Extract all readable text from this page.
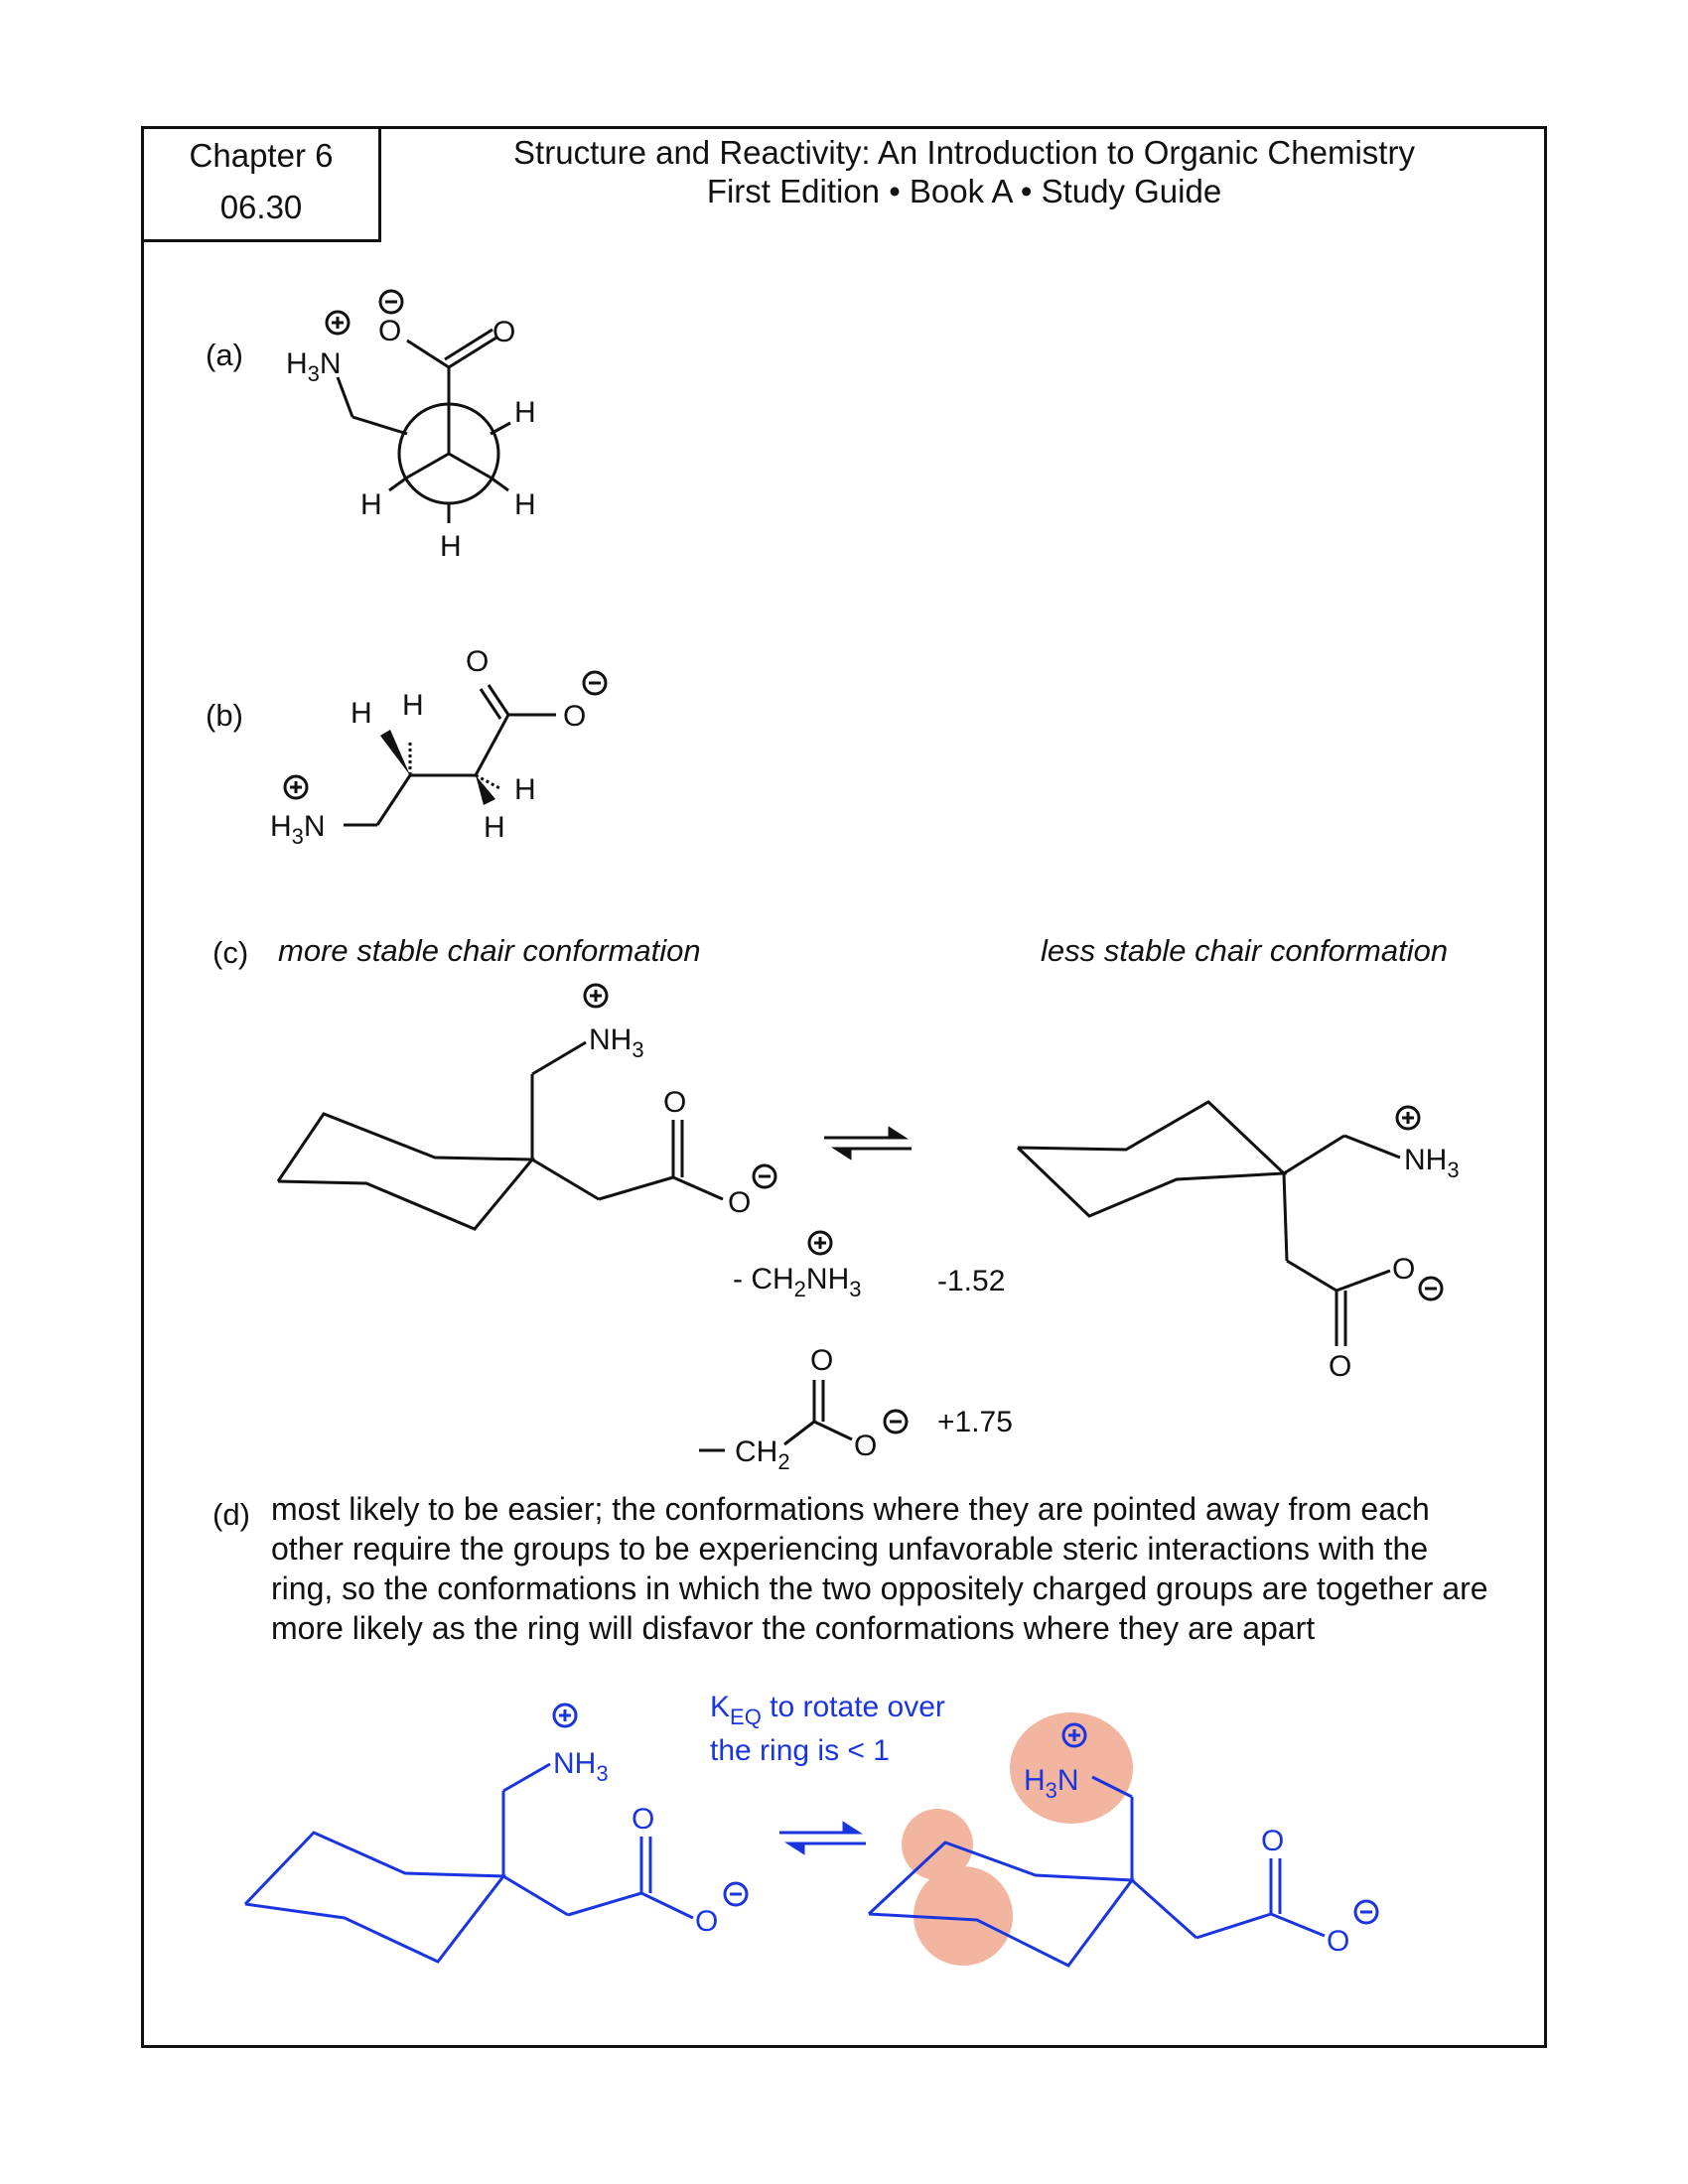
Chapter 6
06.30
Structure and Reactivity: An Introduction to Organic Chemistry
First Edition • Book A • Study Guide
(a)
(b)
(c)
(d)
more stable chair conformation	less stable chair conformation
most likely to be easier; the conformations where they are pointed away from each
other require the groups to be experiencing unfavorable steric interactions with the
ring, so the conformations in which the two oppositely charged groups are together are
more likely as the ring will disfavor the conformations where they are apart
$H_3N$
O	O
H
H	H
H
$H_3N$
H H
O
O
H
H
$NH_3$
O
O
$NH_3$
O
O
- $CH_2NH_3$	-1.52
$CH_2$
O
O
+1.75
$NH_3$
O
O
$K_{EQ}$ to rotate over
the ring is < 1
$H_3N$
O
O
